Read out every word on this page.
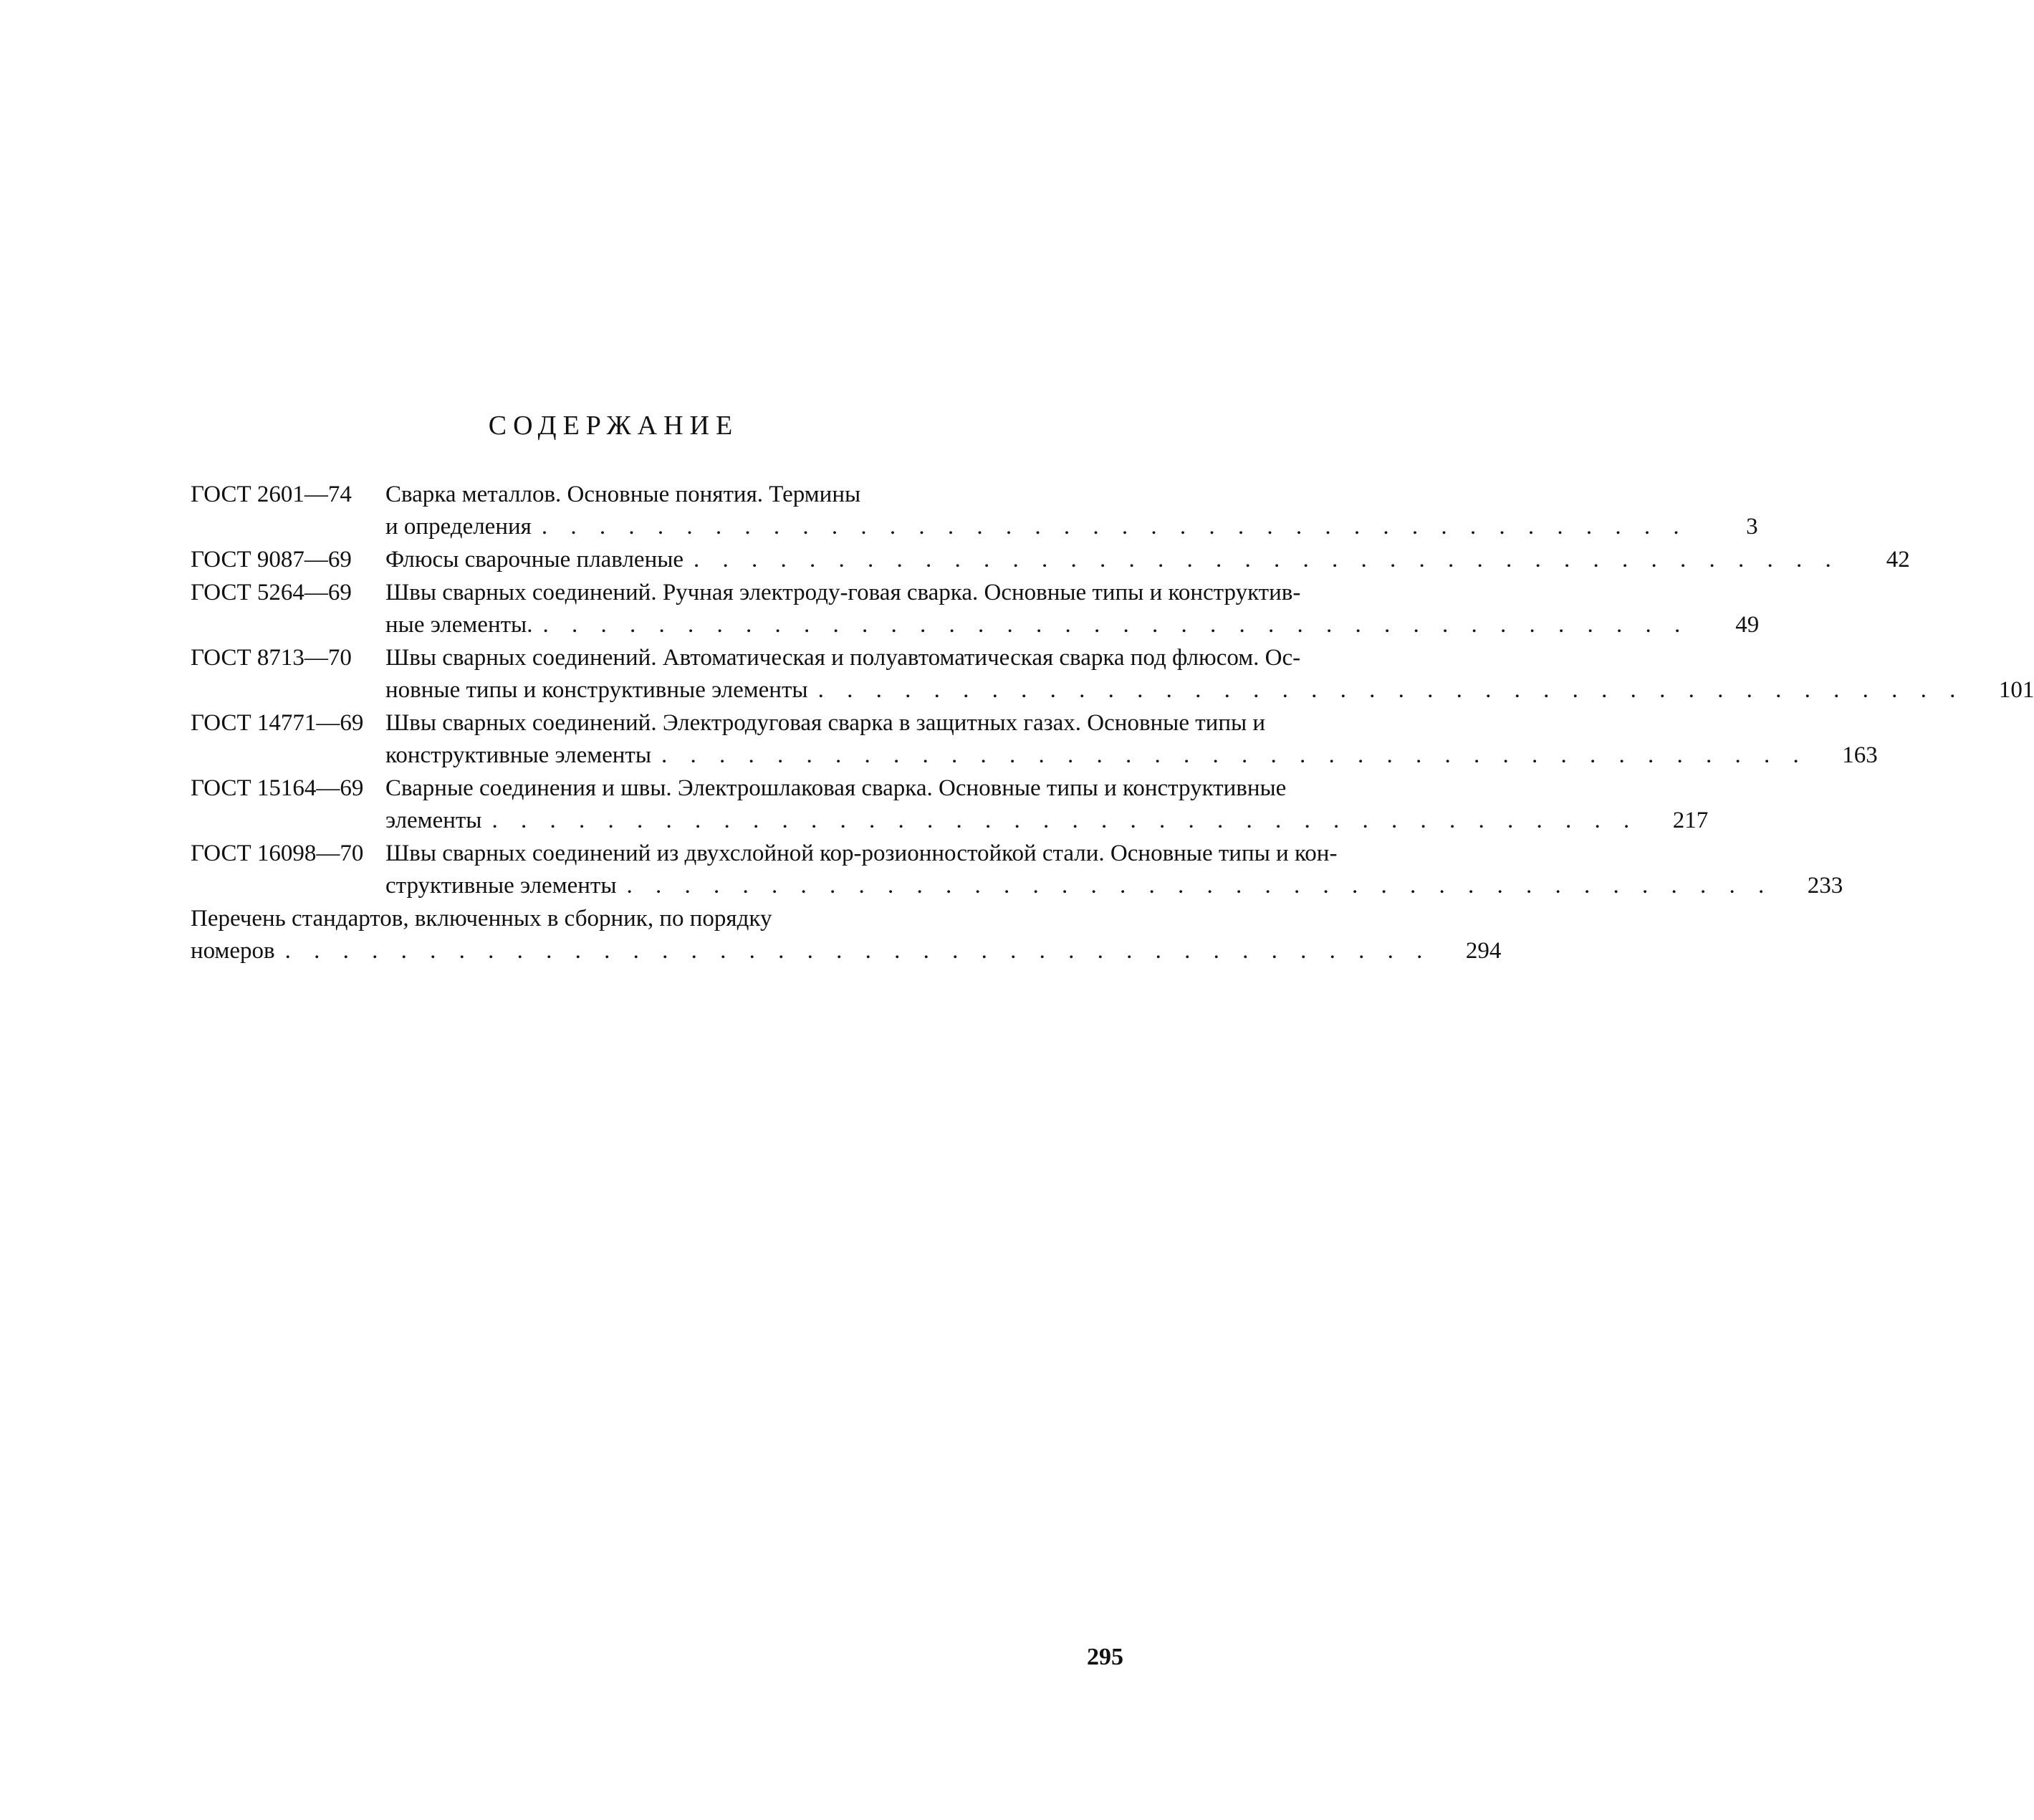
СОДЕРЖАНИЕ
ГОСТ 2601—74	Сварка металлов. Основные понятия. Термины
и определения . . .	3
ГОСТ 9087—69	Флюсы сварочные плавленые . . .	42
ГОСТ 5264—69	Швы сварных соединений. Ручная электроду-говая сварка. Основные типы и конструктив-
ные элементы. . . .	49
ГОСТ 8713—70	Швы сварных соединений. Автоматическая и полуавтоматическая сварка под флюсом. Ос-
новные типы и конструктивные элементы . . .	101
ГОСТ 14771—69 Швы сварных соединений. Электродуговая сварка в защитных газах. Основные типы и
конструктивные элементы . . .	163
ГОСТ 15164—69 Сварные соединения и швы. Электрошлаковая сварка. Основные типы и конструктивные
элементы . . .	217
ГОСТ 16098—70 Швы сварных соединений из двухслойной кор-розионностойкой стали. Основные типы и кон-
структивные элементы . . .	233
Перечень стандартов, включенных в сборник, по порядку
номеров . . .	294
295
